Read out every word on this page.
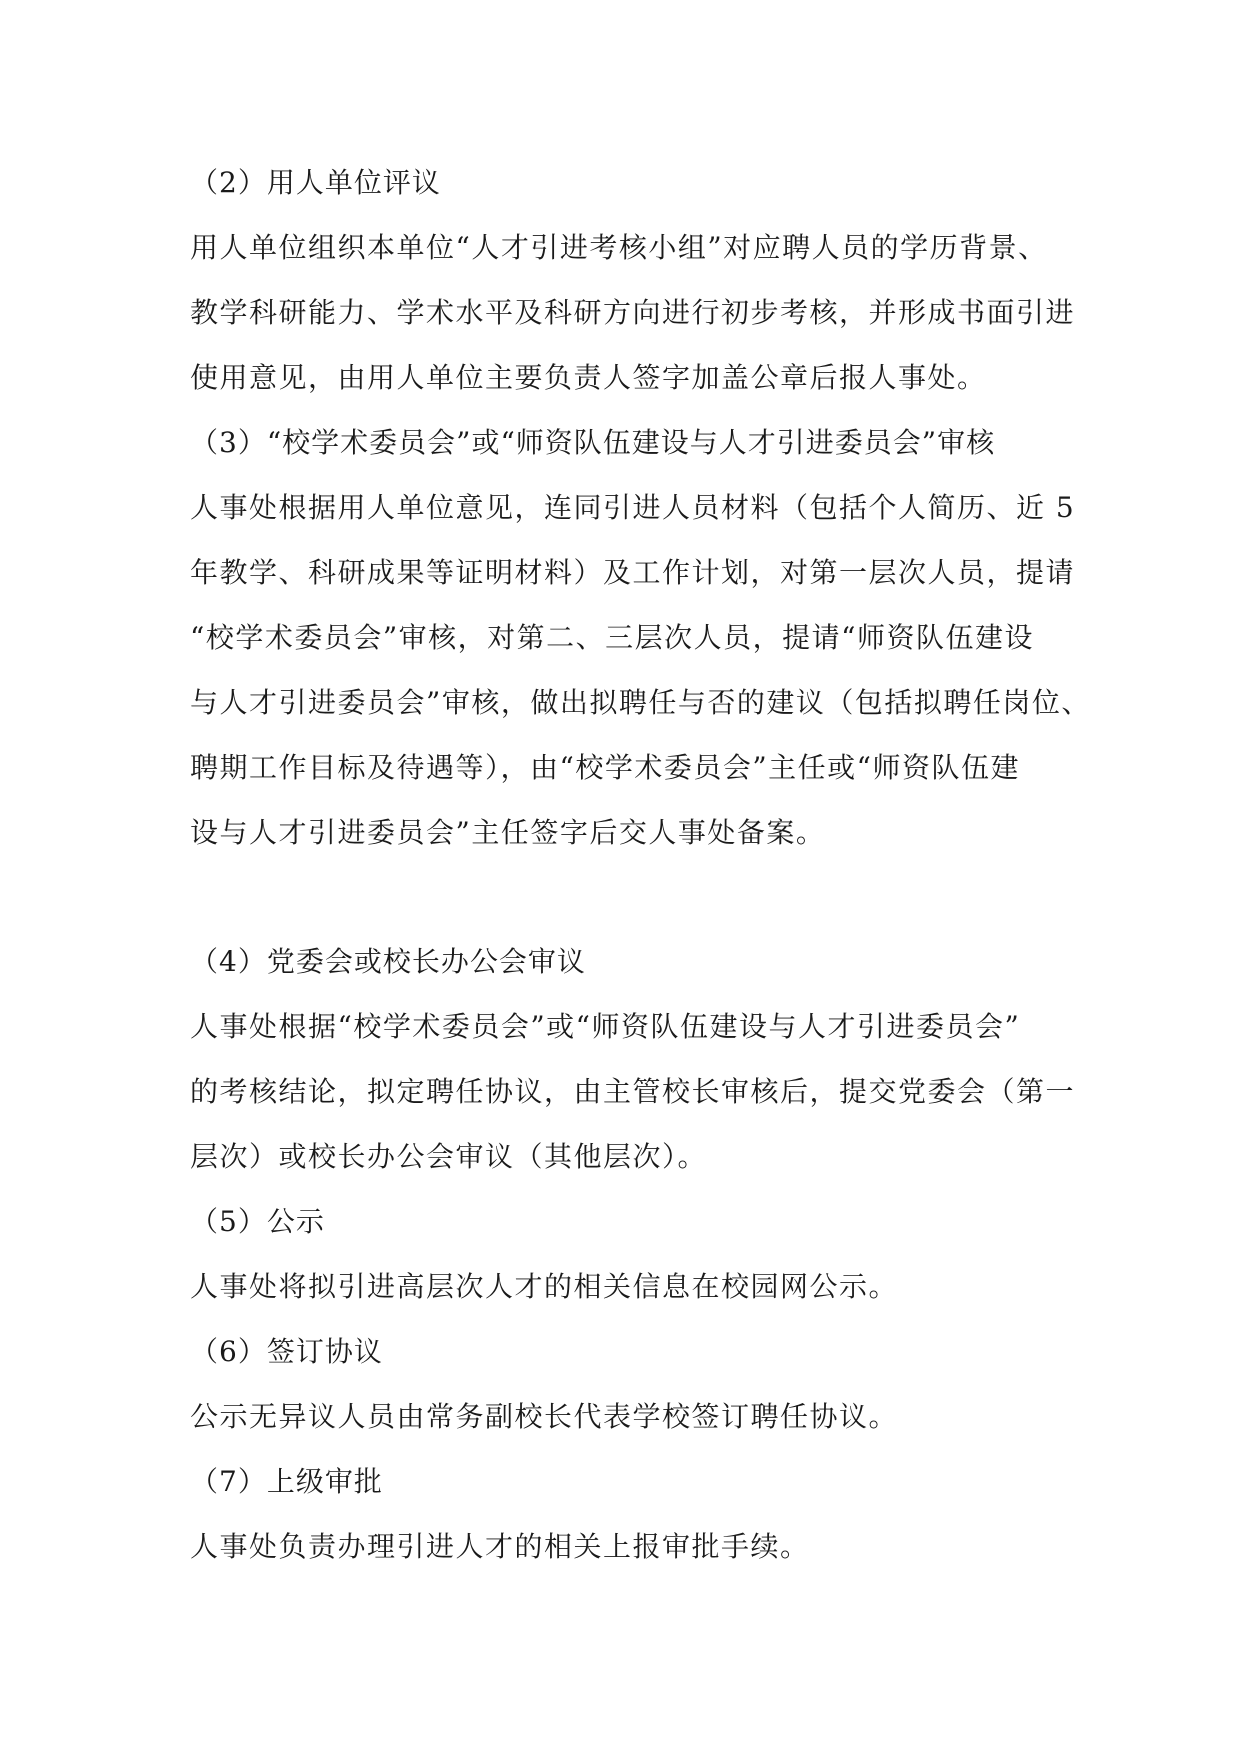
（2）用人单位评议

用人单位组织本单位“人才引进考核小组”对应聘人员的学历背景、

教学科研能力、学术水平及科研方向进行初步考核，并形成书面引进

使用意见，由用人单位主要负责人签字加盖公章后报人事处。

（3）“校学术委员会”或“师资队伍建设与人才引进委员会”审核

人事处根据用人单位意见，连同引进人员材料（包括个人简历、近 5

年教学、科研成果等证明材料）及工作计划，对第一层次人员，提请

“校学术委员会”审核，对第二、三层次人员，提请“师资队伍建设

与人才引进委员会”审核，做出拟聘任与否的建议（包括拟聘任岗位、

聘期工作目标及待遇等），由“校学术委员会”主任或“师资队伍建

设与人才引进委员会”主任签字后交人事处备案。

（4）党委会或校长办公会审议

人事处根据“校学术委员会”或“师资队伍建设与人才引进委员会”

的考核结论，拟定聘任协议，由主管校长审核后，提交党委会（第一

层次）或校长办公会审议（其他层次）。

（5）公示

人事处将拟引进高层次人才的相关信息在校园网公示。

（6）签订协议

公示无异议人员由常务副校长代表学校签订聘任协议。

（7）上级审批

人事处负责办理引进人才的相关上报审批手续。
